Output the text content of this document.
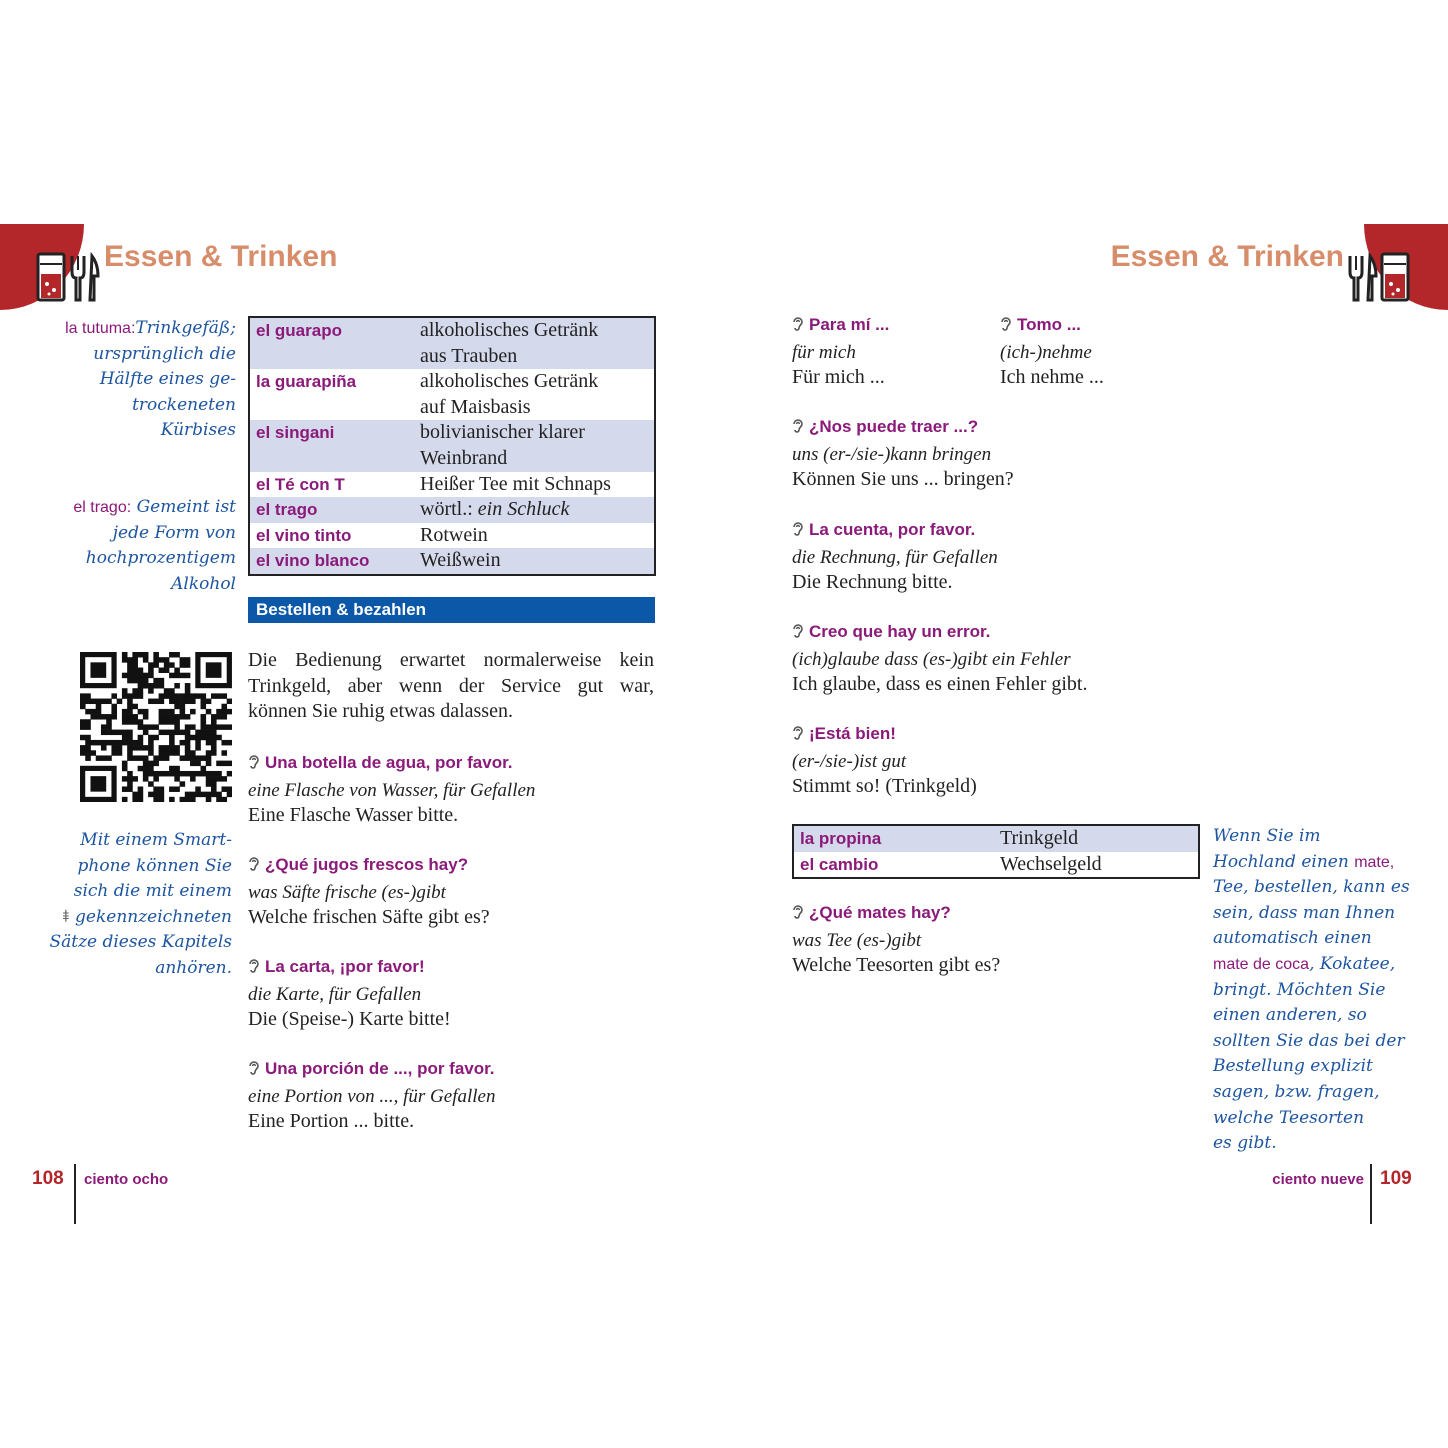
Essen & Trinken	Essen & Trinken
la tutuma:Trinkgefäß;
ursprünglich die
Hälfte eines ge-
trockeneten
Kürbises
el trago: Gemeint ist
jede Form von
hochprozentigem
Alkohol
el guarapo	alkoholisches Getränk
aus Trauben
la guarapiña	alkoholisches Getränk
auf Maisbasis
el singani	bolivianischer klarer
Weinbrand
el Té con T	Heißer Tee mit Schnaps
el trago	wörtl.: ein Schluck
el vino tinto	Rotwein
el vino blanco	Weißwein
Bestellen & bezahlen
Mit einem Smart-
phone können Sie
sich die mit einem
⯒ gekennzeichneten
Sätze dieses Kapitels
anhören.
Die Bedienung erwartet normalerweise kein
Trinkgeld, aber wenn der Service gut war,
können Sie ruhig etwas dalassen.
Una botella de agua, por favor.
eine Flasche von Wasser, für Gefallen
Eine Flasche Wasser bitte.
¿Qué jugos frescos hay?
was Säfte frische (es-)gibt
Welche frischen Säfte gibt es?
La carta, ¡por favor!
die Karte, für Gefallen
Die (Speise-) Karte bitte!
Una porción de ..., por favor.
eine Portion von ..., für Gefallen
Eine Portion ... bitte.
108 ciento ocho
Para mí ...
für mich
Für mich ...
Tomo ...
(ich-)nehme
Ich nehme ...
¿Nos puede traer ...?
uns (er-/sie-)kann bringen
Können Sie uns ... bringen?
La cuenta, por favor.
die Rechnung, für Gefallen
Die Rechnung bitte.
Creo que hay un error.
(ich)glaube dass (es-)gibt ein Fehler
Ich glaube, dass es einen Fehler gibt.
¡Está bien!
(er-/sie-)ist gut
Stimmt so! (Trinkgeld)
la propina	Trinkgeld
el cambio	Wechselgeld
¿Qué mates hay?
was Tee (es-)gibt
Welche Teesorten gibt es?
Wenn Sie im
Hochland einen mate,
Tee, bestellen, kann es
sein, dass man Ihnen
automatisch einen
mate de coca, Kokatee,
bringt. Möchten Sie
einen anderen, so
sollten Sie das bei der
Bestellung explizit
sagen, bzw. fragen,
welche Teesorten
es gibt.
ciento nueve 109
